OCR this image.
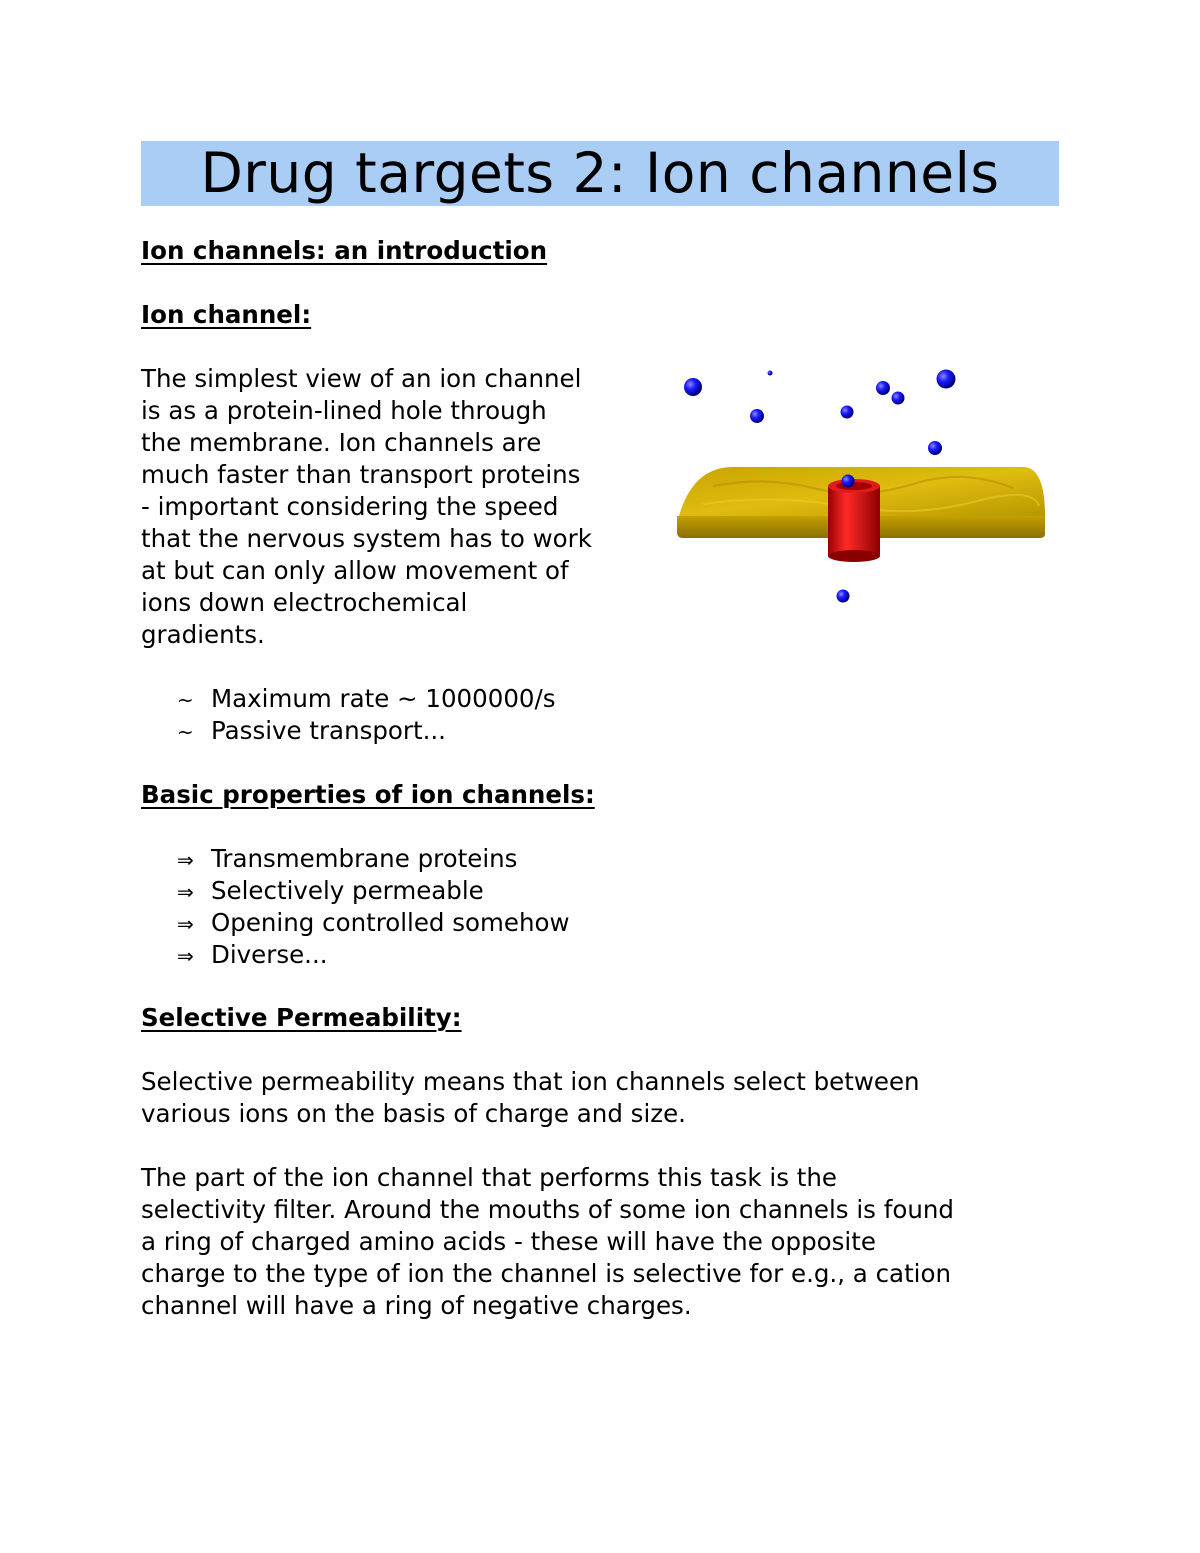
Drug targets 2: Ion channels
Ion channels: an introduction
Ion channel:
The simplest view of an ion channel
is as a protein-lined hole through
the membrane. Ion channels are
much faster than transport proteins
- important considering the speed
that the nervous system has to work
at but can only allow movement of
ions down electrochemical
gradients.
~ Maximum rate ~ 1000000/s
~ Passive transport...
Basic properties of ion channels:
⇒ Transmembrane proteins
⇒ Selectively permeable
⇒ Opening controlled somehow
⇒ Diverse...
Selective Permeability:
Selective permeability means that ion channels select between
various ions on the basis of charge and size.
The part of the ion channel that performs this task is the
selectivity filter. Around the mouths of some ion channels is found
a ring of charged amino acids - these will have the opposite
charge to the type of ion the channel is selective for e.g., a cation
channel will have a ring of negative charges.
